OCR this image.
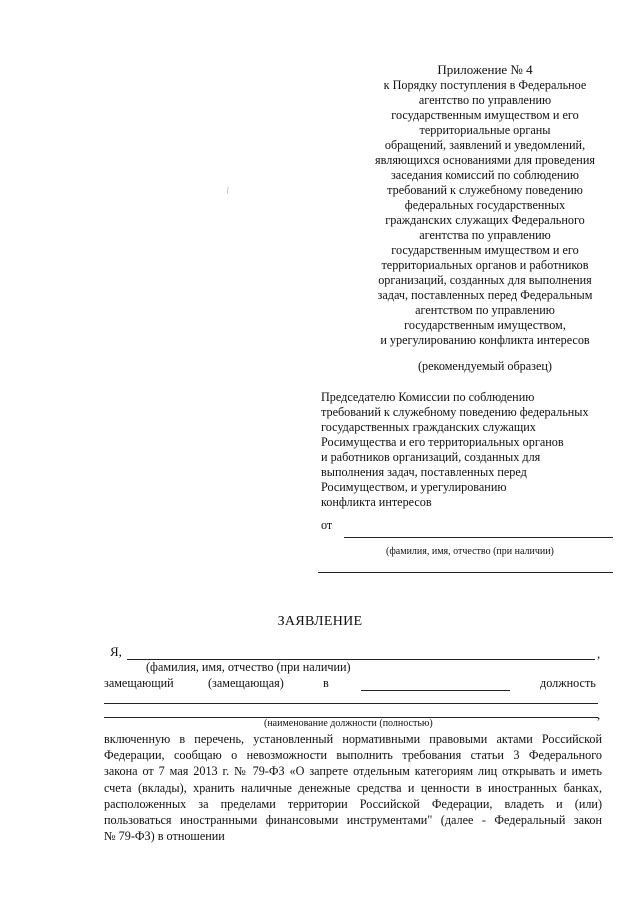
⁄
Приложение № 4
к Порядку поступления в Федеральное
агентство по управлению
государственным имуществом и его
территориальные органы
обращений, заявлений и уведомлений,
являющихся основаниями для проведения
заседания комиссий по соблюдению
требований к служебному поведению
федеральных государственных
гражданских служащих Федерального
агентства по управлению
государственным имуществом и его
территориальных органов и работников
организаций, созданных для выполнения
задач, поставленных перед Федеральным
агентством по управлению
государственным имуществом,
и урегулированию конфликта интересов
(рекомендуемый образец)
Председателю Комиссии по соблюдению
требований к служебному поведению федеральных
государственных гражданских служащих
Росимущества и его территориальных органов
и работников организаций, созданных для
выполнения задач, поставленных перед
Росимуществом, и урегулированию
конфликта интересов
от
(фамилия, имя, отчество (при наличии)
ЗАЯВЛЕНИЕ
Я,	,
(фамилия, имя, отчество (при наличии)
замещающий	(замещающая)	в	должность
,
(наименование должности (полностью)
включенную в перечень, установленный нормативными правовыми актами Российской
Федерации, сообщаю о невозможности выполнить требования статьи 3 Федерального
закона от 7 мая 2013 г. № 79-ФЗ «О запрете отдельным категориям лиц открывать и иметь
счета (вклады), хранить наличные денежные средства и ценности в иностранных банках,
расположенных за пределами территории Российской Федерации, владеть и (или)
пользоваться иностранными финансовыми инструментами" (далее - Федеральный закон
№ 79-ФЗ) в отношении
